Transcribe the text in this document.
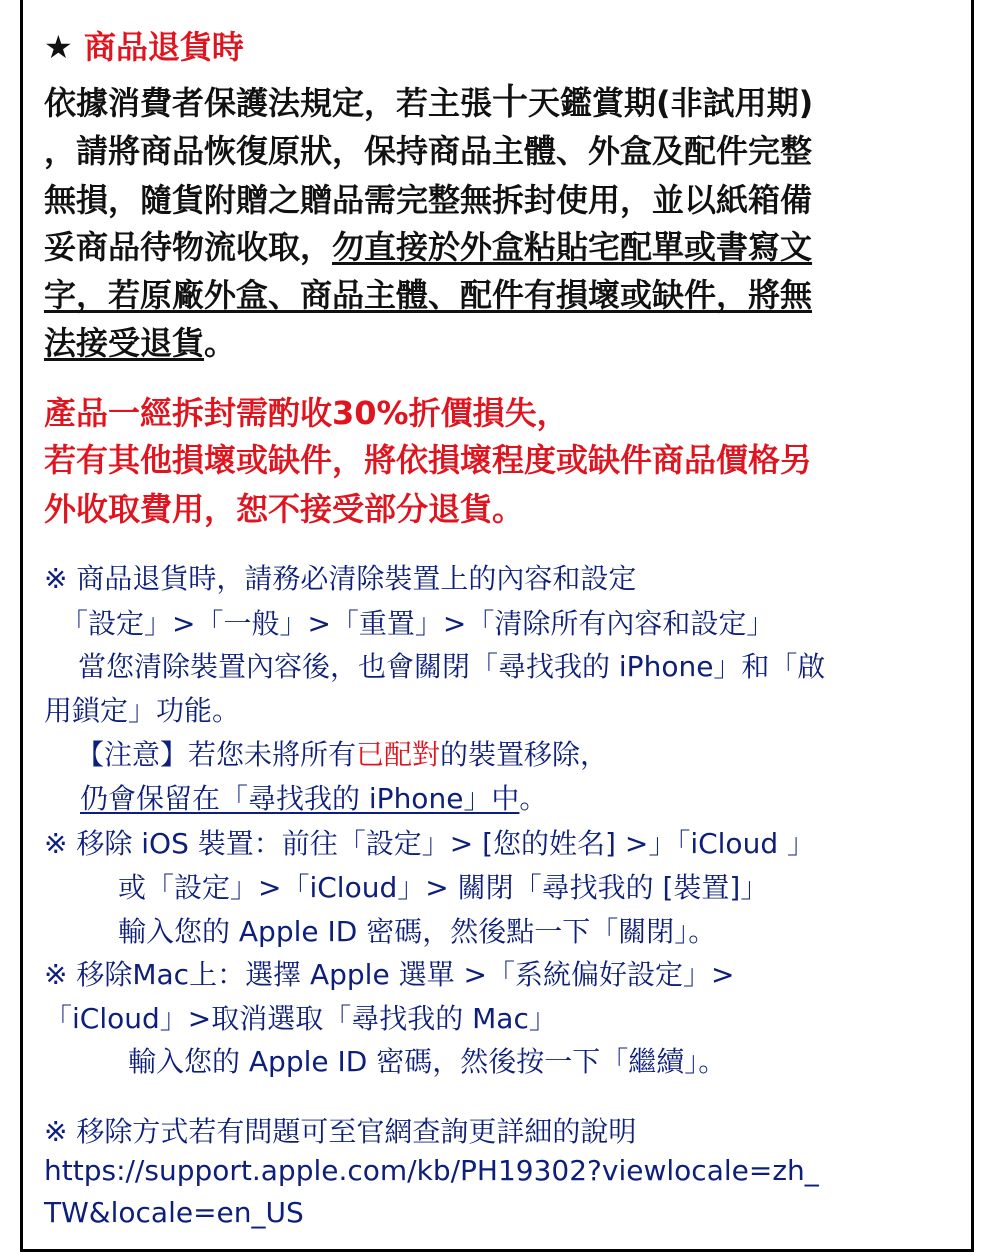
★ 商品退貨時
依據消費者保護法規定，若主張十天鑑賞期(非試用期)
，請將商品恢復原狀，保持商品主體、外盒及配件完整
無損，隨貨附贈之贈品需完整無拆封使用，並以紙箱備
妥商品待物流收取，勿直接於外盒粘貼宅配單或書寫文
字，若原廠外盒、商品主體、配件有損壞或缺件，將無
法接受退貨。
產品一經拆封需酌收30%折價損失，
若有其他損壞或缺件，將依損壞程度或缺件商品價格另
外收取費用，恕不接受部分退貨。
※ 商品退貨時，請務必清除裝置上的內容和設定
「設定」>「一般」>「重置」>「清除所有內容和設定」
當您清除裝置內容後，也會關閉「尋找我的 iPhone」和「啟
用鎖定」功能。
【注意】若您未將所有已配對的裝置移除，
仍會保留在「尋找我的 iPhone」中。
※ 移除 iOS 裝置：前往「設定」> [您的姓名] >」「iCloud 」
或「設定」>「iCloud」> 關閉「尋找我的 [裝置]」
輸入您的 Apple ID 密碼，然後點一下「關閉」。
※ 移除Mac上：選擇 Apple 選單 >「系統偏好設定」>
「iCloud」>取消選取「尋找我的 Mac」
輸入您的 Apple ID 密碼，然後按一下「繼續」。
※ 移除方式若有問題可至官網查詢更詳細的說明
https://support.apple.com/kb/PH19302?viewlocale=zh_
TW&locale=en_US
